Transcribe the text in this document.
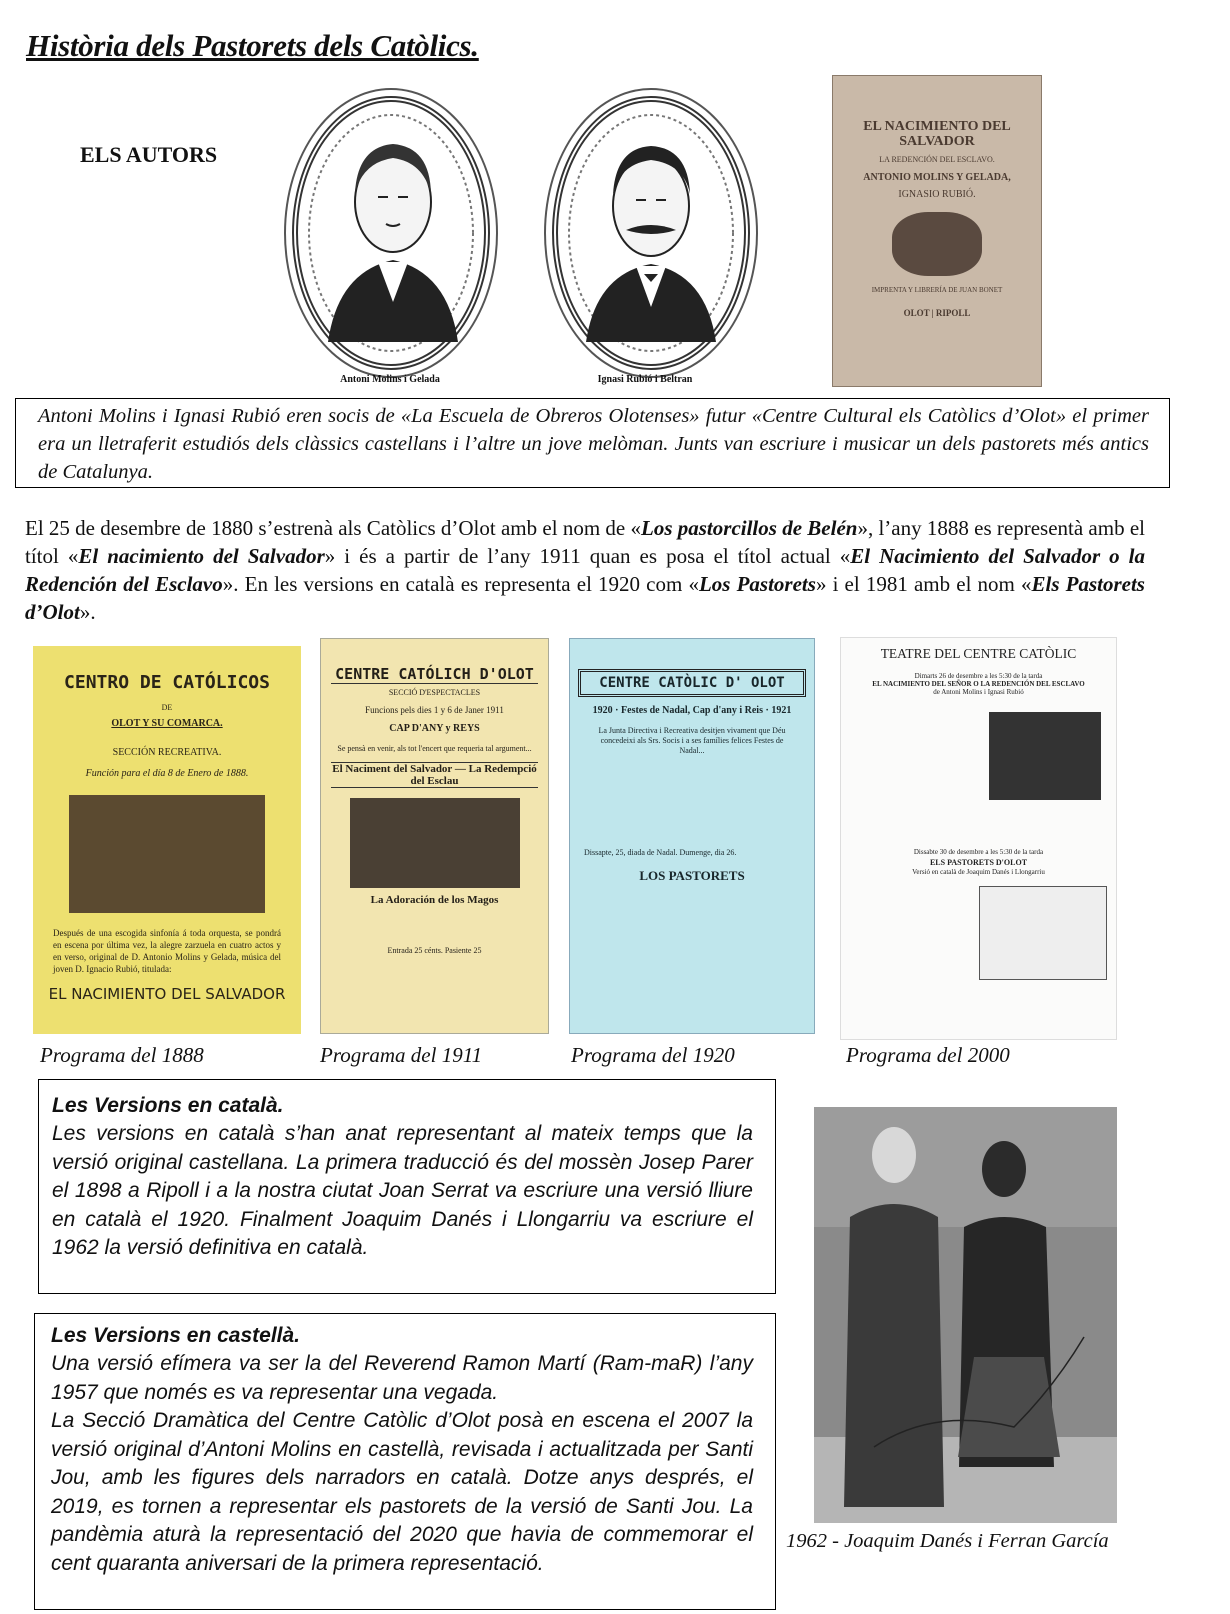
Història dels Pastorets dels Catòlics.
ELS AUTORS
Antoni Molins i Gelada	Ignasi Rubió i Beltran
EL NACIMIENTO DEL SALVADOR
LA REDENCIÓN DEL ESCLAVO.
ANTONIO MOLINS Y GELADA,
IGNASIO RUBIÓ.
IMPRENTA Y LIBRERÍA DE JUAN BONET
OLOT | RIPOLL
Antoni Molins i Ignasi Rubió eren socis de «La Escuela de Obreros Olotenses» futur «Centre Cultural els Catòlics d’Olot» el primer era un lletraferit estudiós dels clàssics castellans i l’altre un jove melòman. Junts van escriure i musicar un dels pastorets més antics de Catalunya.
El 25 de desembre de 1880 s’estrenà als Catòlics d’Olot amb el nom de «Los pastorcillos de Belén», l’any 1888 es representà amb el títol «El nacimiento del Salvador» i és a partir de l’any 1911 quan es posa el títol actual «El Nacimiento del Salvador o la Redención del Esclavo». En les versions en català es representa el 1920 com «Los Pastorets» i el 1981 amb el nom «Els Pastorets d’Olot».
CENTRO DE CATÓLICOS
DE
OLOT Y SU COMARCA.
SECCIÓN RECREATIVA.
Función para el día 8 de Enero de 1888.
Después de una escogida sinfonía á toda orquesta, se pondrá en escena por última vez, la alegre zarzuela en cuatro actos y en verso, original de D. Antonio Molins y Gelada, música del joven D. Ignacio Rubió, titulada:
EL NACIMIENTO DEL SALVADOR
Programa del 1888
CENTRE CATÓLICH D'OLOT
SECCIÓ D'ESPECTACLES
Funcions pels dies 1 y 6 de Janer 1911
CAP D'ANY y REYS
Se pensà en venir, als tot l'encert que requeria tal argument...
El Naciment del Salvador — La Redempció del Esclau
La Adoración de los Magos
Entrada 25 cénts. Pasiente 25
Programa del 1911
CENTRE CATÒLIC D' OLOT
1920 · Festes de Nadal, Cap d'any i Reis · 1921
La Junta Directiva i Recreativa desitjen vivament que Déu concedeixi als Srs. Socis i a ses famílies felices Festes de Nadal...
Dissapte, 25, diada de Nadal. Dumenge, dia 26.
LOS PASTORETS
Programa del 1920
TEATRE DEL CENTRE CATÒLIC
Dimarts 26 de desembre a les 5:30 de la tarda
EL NACIMIENTO DEL SEÑOR O LA REDENCIÓN DEL ESCLAVO
de Antoni Molins i Ignasi Rubió
Dissabte 30 de desembre a les 5:30 de la tarda
ELS PASTORETS D'OLOT
Versió en català de Joaquim Danés i Llongarriu
Programa del 2000
Les Versions en català.
Les versions en català s’han anat representant al mateix temps que la versió original castellana. La primera traducció és del mossèn Josep Parer el 1898 a Ripoll i a la nostra ciutat Joan Serrat va escriure una versió lliure en català el 1920. Finalment Joaquim Danés i Llongarriu va escriure el 1962 la versió definitiva en català.
Les Versions en castellà.
Una versió efímera va ser la del Reverend Ramon Martí (Ram-maR) l’any 1957 que només es va representar una vegada.
La Secció Dramàtica del Centre Catòlic d’Olot posà en escena el 2007 la versió original d’Antoni Molins en castellà, revisada i actualitzada per Santi Jou, amb les figures dels narradors en català. Dotze anys després, el 2019, es tornen a representar els pastorets de la versió de Santi Jou. La pandèmia aturà la representació del 2020 que havia de commemorar el cent quaranta aniversari de la primera representació.
1962 - Joaquim Danés i Ferran García
